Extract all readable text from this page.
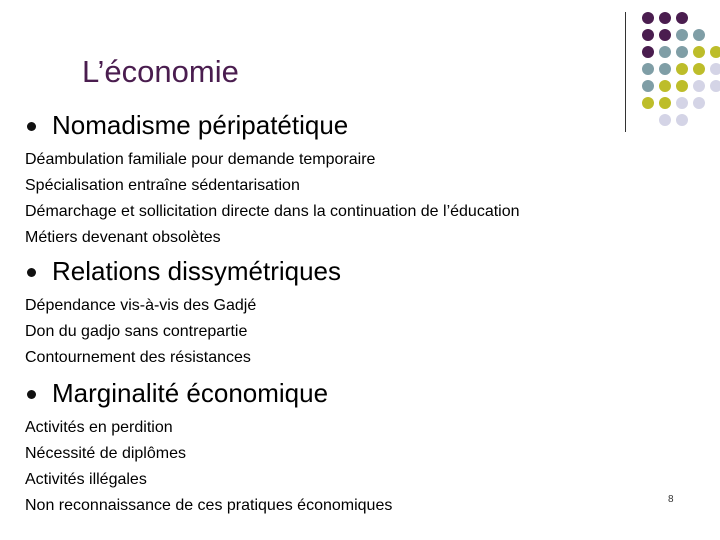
L’économie
Nomadisme péripatétique
Déambulation familiale pour demande temporaire
Spécialisation entraîne sédentarisation
Démarchage et sollicitation directe dans la continuation de l’éducation
Métiers devenant obsolètes
Relations dissymétriques
Dépendance vis-à-vis des Gadjé
Don du gadjo sans contrepartie
Contournement des résistances
Marginalité économique
Activités en perdition
Nécessité de diplômes
Activités illégales
Non reconnaissance de ces pratiques économiques	8
